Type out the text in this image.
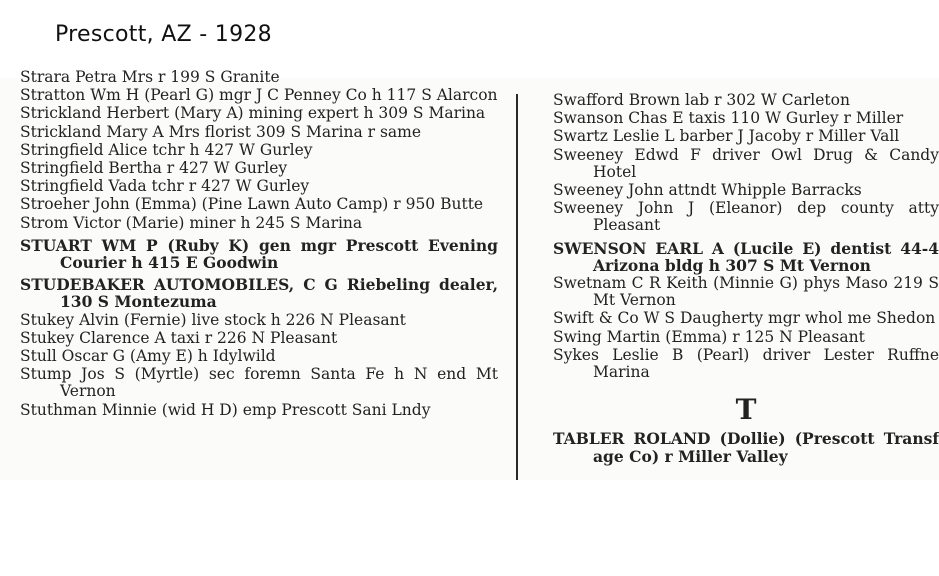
Prescott, AZ - 1928
Strara Petra Mrs r 199 S Granite
Stratton Wm H (Pearl G) mgr J C Penney Co h 117 S Alarcon
Strickland Herbert (Mary A) mining expert h 309 S Marina
Strickland Mary A Mrs florist 309 S Marina r same
Stringfield Alice tchr h 427 W Gurley
Stringfield Bertha r 427 W Gurley
Stringfield Vada tchr r 427 W Gurley
Stroeher John (Emma) (Pine Lawn Auto Camp) r 950 Butte
Strom Victor (Marie) miner h 245 S Marina
STUART WM P (Ruby K) gen mgr Prescott Evening Courier h 415 E Goodwin
STUDEBAKER AUTOMOBILES, C G Riebeling dealer, 130 S Montezuma
Stukey Alvin (Fernie) live stock h 226 N Pleasant
Stukey Clarence A taxi r 226 N Pleasant
Stull Oscar G (Amy E) h Idylwild
Stump Jos S (Myrtle) sec foremn Santa Fe h N end Mt Vernon
Stuthman Minnie (wid H D) emp Prescott Sani Lndy
Swafford Brown lab r 302 W Carleton
Swanson Chas E taxis 110 W Gurley r Miller
Swartz Leslie L barber J Jacoby r Miller Vall
Sweeney Edwd F driver Owl Drug & Candy Hotel
Sweeney John attndt Whipple Barracks
Sweeney John J (Eleanor) dep county atty Pleasant
SWENSON EARL A (Lucile E) dentist 44-4 Arizona bldg h 307 S Mt Vernon
Swetnam C R Keith (Minnie G) phys Maso 219 S Mt Vernon
Swift & Co W S Daugherty mgr whol me Shedon
Swing Martin (Emma) r 125 N Pleasant
Sykes Leslie B (Pearl) driver Lester Ruffne Marina
T
TABLER ROLAND (Dollie) (Prescott Transf age Co) r Miller Valley
